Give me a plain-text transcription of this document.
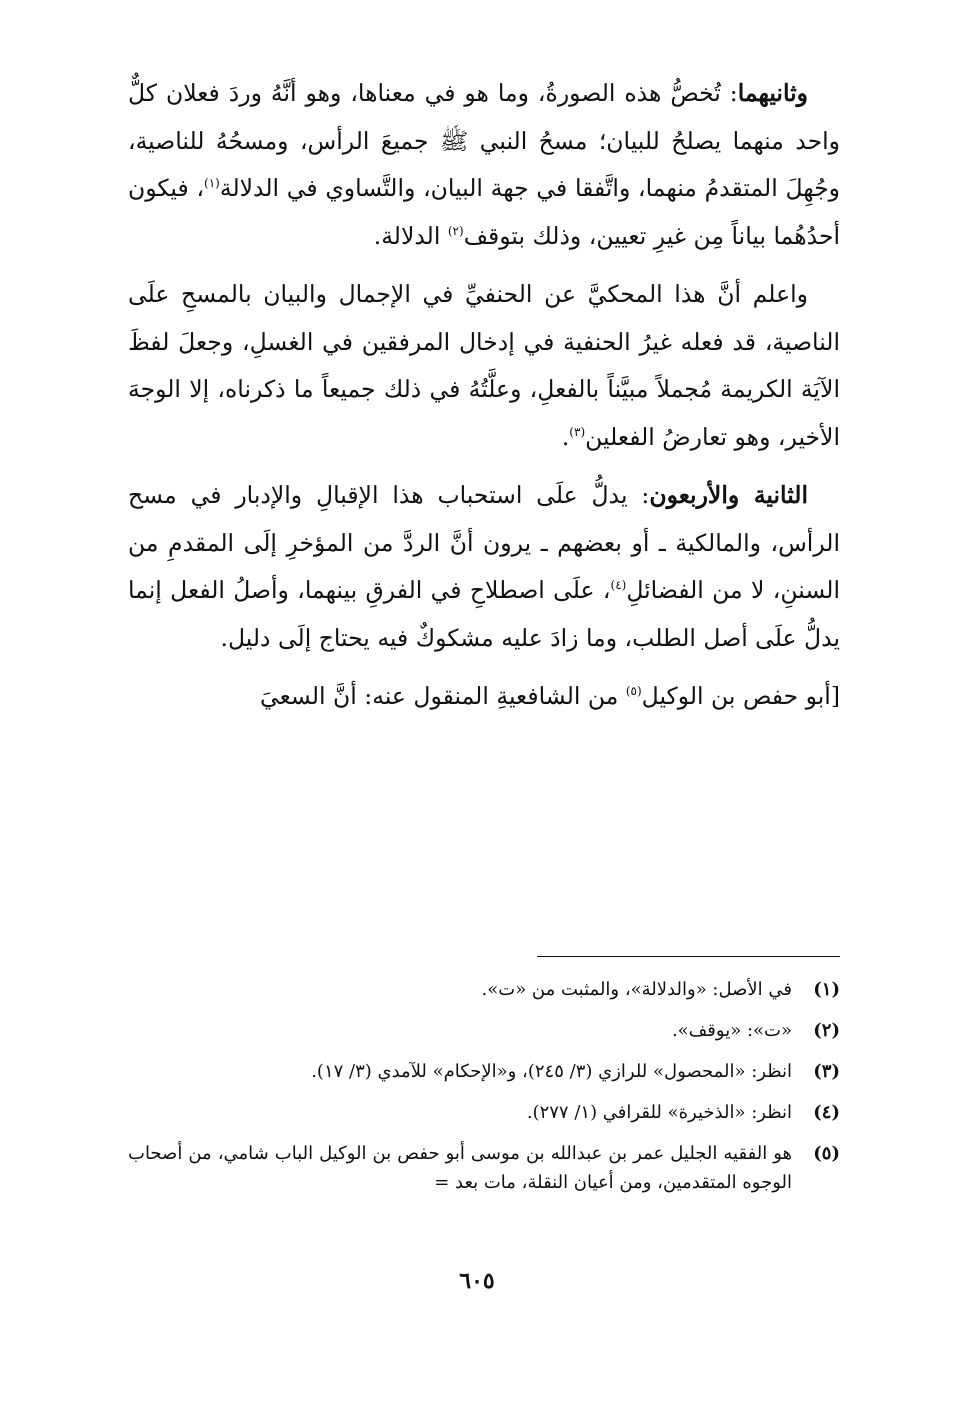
وثانيهما: تُخصُّ هذه الصورةُ، وما هو في معناها، وهو أنَّهُ وردَ فعلان كلٌّ واحد منهما يصلحُ للبيان؛ مسحُ النبي ﷺ جميعَ الرأس، ومسحُهُ للناصية، وجُهِلَ المتقدمُ منهما، واتَّفقا في جهة البيان، والتَّساوي في الدلالة$^{(١)}$، فيكون أحدُهُما بياناً مِن غيرِ تعيين، وذلك بتوقف$^{(٢)}$ الدلالة.

واعلم أنَّ هذا المحكيَّ عن الحنفيِّ في الإجمال والبيان بالمسحِ علَى الناصية، قد فعله غيرُ الحنفية في إدخال المرفقين في الغسلِ، وجعلَ لفظَ الآيَة الكريمة مُجملاً مبيَّناً بالفعلِ، وعلَّتُهُ في ذلك جميعاً ما ذكرناه، إلا الوجهَ الأخير، وهو تعارضُ الفعلين$^{(٣)}$.

الثانية والأربعون: يدلُّ علَى استحباب هذا الإقبالِ والإدبار في مسح الرأس، والمالكية ـ أو بعضهم ـ يرون أنَّ الردَّ من المؤخرِ إلَى المقدمِ من السننِ، لا من الفضائلِ$^{(٤)}$، علَى اصطلاحِ في الفرقِ بينهما، وأصلُ الفعل إنما يدلُّ علَى أصل الطلب، وما زادَ عليه مشكوكٌ فيه يحتاج إلَى دليل.

[أبو حفص بن الوكيل$^{(٥)}$ من الشافعيةِ المنقول عنه: أنَّ السعيَ

(١)
في الأصل: «والدلالة»، والمثبت من «ت».
(٢)
«ت»: «يوقف».
(٣)
انظر: «المحصول» للرازي (٣/ ٢٤٥)، و«الإحكام» للآمدي (٣/ ١٧).
(٤)
انظر: «الذخيرة» للقرافي (١/ ٢٧٧).
(٥)
هو الفقيه الجليل عمر بن عبدالله بن موسى أبو حفص بن الوكيل الباب شامي، من أصحاب الوجوه المتقدمين، ومن أعيان النقلة، مات بعد =
٦٠٥
